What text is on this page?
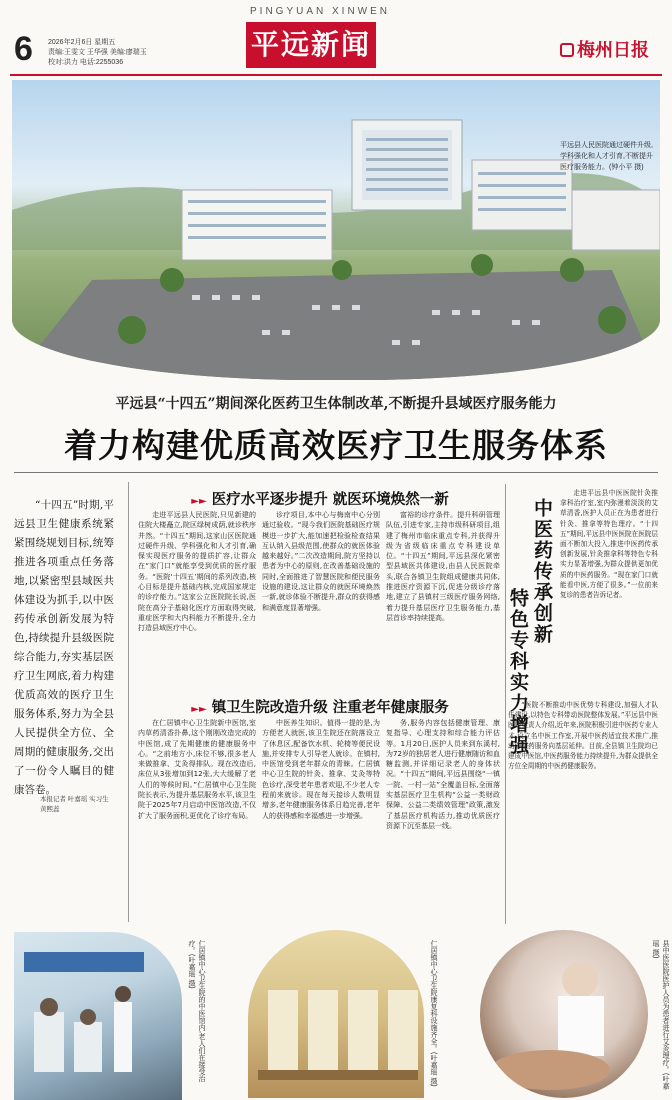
6 2026年2月6日 星期五
责编:王雯文 王华强 美编:廖瑞玉
校对:洪力 电话:2255036
PINGYUAN XINWEN
平远新闻	梅州日报
平远县人民医院通过硬件升级,学科强化和人才引育,不断提升医疗服务能力。(钟小平 摄)
平远县“十四五”期间深化医药卫生体制改革,不断提升县域医疗服务能力
着力构建优质高效医疗卫生服务体系
“十四五”时期,平远县卫生健康系统紧紧围绕规划目标,统筹推进各项重点任务落地,以紧密型县域医共体建设为抓手,以中医药传承创新发展为特色,持续提升县级医院综合能力,夯实基层医疗卫生网底,着力构建优质高效的医疗卫生服务体系,努力为全县人民提供全方位、全周期的健康服务,交出了一份令人瞩目的健康答卷。
本报记者 叶嘉瑶 实习生 黄熙蕊
►► 医疗水平逐步提升 就医环境焕然一新
走进平远县人民医院,只见新建的住院大楼矗立,院区绿树成荫,就诊秩序井然。“十四五”期间,这家山区医院通过硬件升级、学科强化和人才引育,确保实现医疗服务的提质扩容,让群众在“家门口”就能享受到优质的医疗服务。“医院‘十四五’期间的系列改造,核心目标是提升基础内核,完成国家规定的诊疗能力。”这家公立医院院长说,医院在高分子基础化医疗方面取得突破,重症医学和大内科能力不断提升,全力打造县域医疗中心。
诊疗项目,本中心与梅南中心分别通过验收。“现今我们医院基础医疗规模进一步扩大,能加速把检验检查结果互认纳入县级范围,使群众的就医体验越来越好。”二次改造期间,院方坚持以患者为中心的原则,在改善基础设施的同时,全面推进了智慧医院和便民服务设施的建设,这让群众的就医环境焕然一新,就诊体验不断提升,群众的获得感和满意度显著增强。
富裕的诊疗条件。提升科研管理队伍,引进专家,主持市级科研项目,组建了梅州市临床重点专科,并获得升级为省级临床重点专科建设单位。“十四五”期间,平远县深化紧密型县域医共体建设,由县人民医院牵头,联合各镇卫生院组成健康共同体,推进医疗资源下沉,促进分级诊疗落地,建立了县镇村三级医疗服务网络,着力提升基层医疗卫生服务能力,基层首诊率持续提高。
►► 镇卫生院改造升级 注重老年健康服务
在仁居镇中心卫生院新中医馆,室内草药清香扑鼻,这个刚刚改造完成的中医馆,成了先期健康的健康服务中心。“之前地方小,床位不够,很多老人来做推拿、艾灸得排队。现在改造后,床位从3张增加到12张,大大缓解了老人们的等候时间。”仁居镇中心卫生院院长表示,为提升基层服务水平,该卫生院于2025年7月启动中医馆改造,不仅扩大了服务面积,更优化了诊疗布局。
中医养生知识。值得一提的是,为方便老人就医,该卫生院还在院落设立了休息区,配备饮水机、轮椅等便民设施,并安排专人引导老人就诊。在镇村,中医馆受到老年群众的青睐。仁居镇中心卫生院的针灸、推拿、艾灸等特色诊疗,深受老年患者欢迎,不少老人专程前来就诊。现在每天接诊人数明显增多,老年健康服务体系日趋完善,老年人的获得感和幸福感进一步增强。
务,服务内容包括健康管理、康复指导、心理支持和综合能力评估等。1月20日,医护人员来到东溪村,为72岁的独居老人进行健康随访和血糖监测,并详细记录老人的身体状况。“十四五”期间,平远县围绕“一镇一院、一村一站”全覆盖目标,全面落实基层医疗卫生机构“公益一类财政保障、公益二类绩效管理”政策,激发了基层医疗机构活力,推动优质医疗资源下沉至基层一线。
中医药传承创新
特色专科实力增强
走进平远县中医医院针灸推拿科治疗室,室内弥漫着淡淡的艾草清香,医护人员正在为患者进行针灸、推拿等特色理疗。“十四五”期间,平远县中医医院在医院层面不断加大投入,推进中医药传承创新发展,针灸推拿科等特色专科实力显著增强,为群众提供更加优质的中医药服务。“现在家门口就能看中医,方便了很多。”一位前来复诊的患者告诉记者。
“医院不断推动中医优势专科建设,加强人才队伍建设,以特色专科带动医院整体发展。”平远县中医医院负责人介绍,近年来,医院积极引进中医药专业人才,设立名中医工作室,开展中医药适宜技术推广,推动中医药服务向基层延伸。目前,全县镇卫生院均已建成中医馆,中医药服务能力持续提升,为群众提供全方位全周期的中医药健康服务。
仁居镇中心卫生院的中医馆内,老人们在接受治疗。(叶嘉瑶 摄)	仁居镇中心卫生院康复科设施齐全。(叶嘉瑶 摄)	县中医医院医护人员为患者进行艾灸理疗。(叶嘉瑶 摄)
